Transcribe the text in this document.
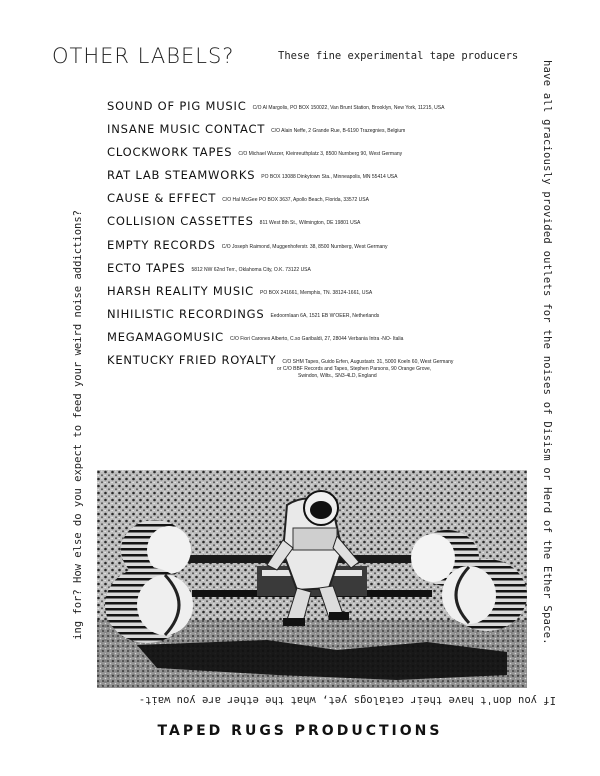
OTHER LABELS?	These fine experimental tape producers
SOUND OF PIG MUSIC C/O Al Margolis, PO BOX 150022, Van Brunt Station, Brooklyn, New York, 11215, USA
INSANE MUSIC CONTACT C/O Alain Neffe, 2 Grande Rue, B-6190 Trazegnies, Belgium
CLOCKWORK TAPES C/O Michael Wurzer, Kleinreuthplatz 3, 8500 Nurnberg 90, West Germany
RAT LAB STEAMWORKS PO BOX 13088 Dinkytown Sta., Minneapolis, MN 55414 USA
CAUSE & EFFECT C/O Hal McGee PO BOX 3637, Apollo Beach, Florida, 33572 USA
COLLISION CASSETTES 811 West 8th St., Wilmington, DE 19801 USA
EMPTY RECORDS C/O Joseph Raimond, Muggenhoferstr. 38, 8500 Nurnberg, West Germany
ECTO TAPES 5812 NW 62nd Terr., Oklahoma City, O.K. 73122 USA
HARSH REALITY MUSIC PO BOX 241661, Memphis, TN. 38124-1661, USA
NIHILISTIC RECORDINGS Eedoornlaan 6A, 1521 EB W'OEER, Netherlands
MEGAMAGOMUSIC C/O Fiori Carones Alberto, C.so Garibaldi, 27, 28044 Verbania Intra -NO- Italia
KENTUCKY FRIED ROYALTY C/O SHM Tapes, Guido Erfen, Augustastr. 31, 5000 Koeln 60, West Germany
or C/O BBF Records and Tapes, Stephen Parsons, 90 Orange Grove,
Swindon, Wilts., SN3-4LD, England	have all graciously provided outlets for the noises of Disism or Herd of the Ether Space.
ing for? How else do you expect to feed your weird noise addictions?
If you don't have their catalogs yet, what the ether are you wait-
TAPED RUGS PRODUCTIONS
